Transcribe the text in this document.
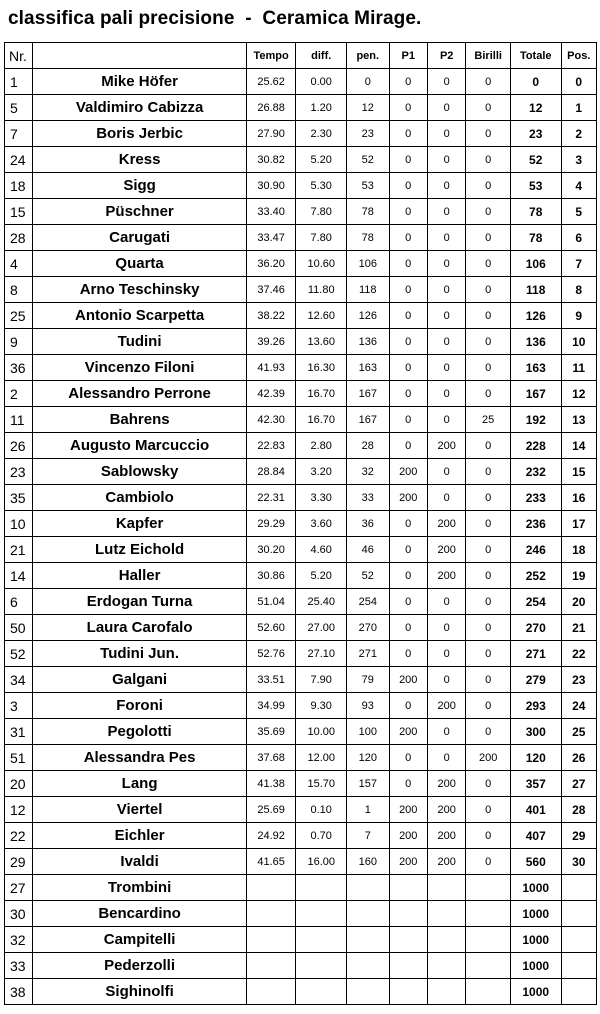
classifica pali precisione  -  Ceramica Mirage.
Nr.		Tempo	diff.	pen.	P1	P2	Birilli	Totale	Pos.
1	Mike Höfer	25.62	0.00	0	0	0	0	0	0
5	Valdimiro Cabizza	26.88	1.20	12	0	0	0	12	1
7	Boris Jerbic	27.90	2.30	23	0	0	0	23	2
24	Kress	30.82	5.20	52	0	0	0	52	3
18	Sigg	30.90	5.30	53	0	0	0	53	4
15	Püschner	33.40	7.80	78	0	0	0	78	5
28	Carugati	33.47	7.80	78	0	0	0	78	6
4	Quarta	36.20	10.60	106	0	0	0	106	7
8	Arno Teschinsky	37.46	11.80	118	0	0	0	118	8
25	Antonio Scarpetta	38.22	12.60	126	0	0	0	126	9
9	Tudini	39.26	13.60	136	0	0	0	136	10
36	Vincenzo Filoni	41.93	16.30	163	0	0	0	163	11
2	Alessandro Perrone	42.39	16.70	167	0	0	0	167	12
11	Bahrens	42.30	16.70	167	0	0	25	192	13
26	Augusto Marcuccio	22.83	2.80	28	0	200	0	228	14
23	Sablowsky	28.84	3.20	32	200	0	0	232	15
35	Cambiolo	22.31	3.30	33	200	0	0	233	16
10	Kapfer	29.29	3.60	36	0	200	0	236	17
21	Lutz Eichold	30.20	4.60	46	0	200	0	246	18
14	Haller	30.86	5.20	52	0	200	0	252	19
6	Erdogan Turna	51.04	25.40	254	0	0	0	254	20
50	Laura Carofalo	52.60	27.00	270	0	0	0	270	21
52	Tudini Jun.	52.76	27.10	271	0	0	0	271	22
34	Galgani	33.51	7.90	79	200	0	0	279	23
3	Foroni	34.99	9.30	93	0	200	0	293	24
31	Pegolotti	35.69	10.00	100	200	0	0	300	25
51	Alessandra Pes	37.68	12.00	120	0	0	200	120	26
20	Lang	41.38	15.70	157	0	200	0	357	27
12	Viertel	25.69	0.10	1	200	200	0	401	28
22	Eichler	24.92	0.70	7	200	200	0	407	29
29	Ivaldi	41.65	16.00	160	200	200	0	560	30
27	Trombini							1000	
30	Bencardino							1000	
32	Campitelli							1000	
33	Pederzolli							1000	
38	Sighinolfi							1000	
